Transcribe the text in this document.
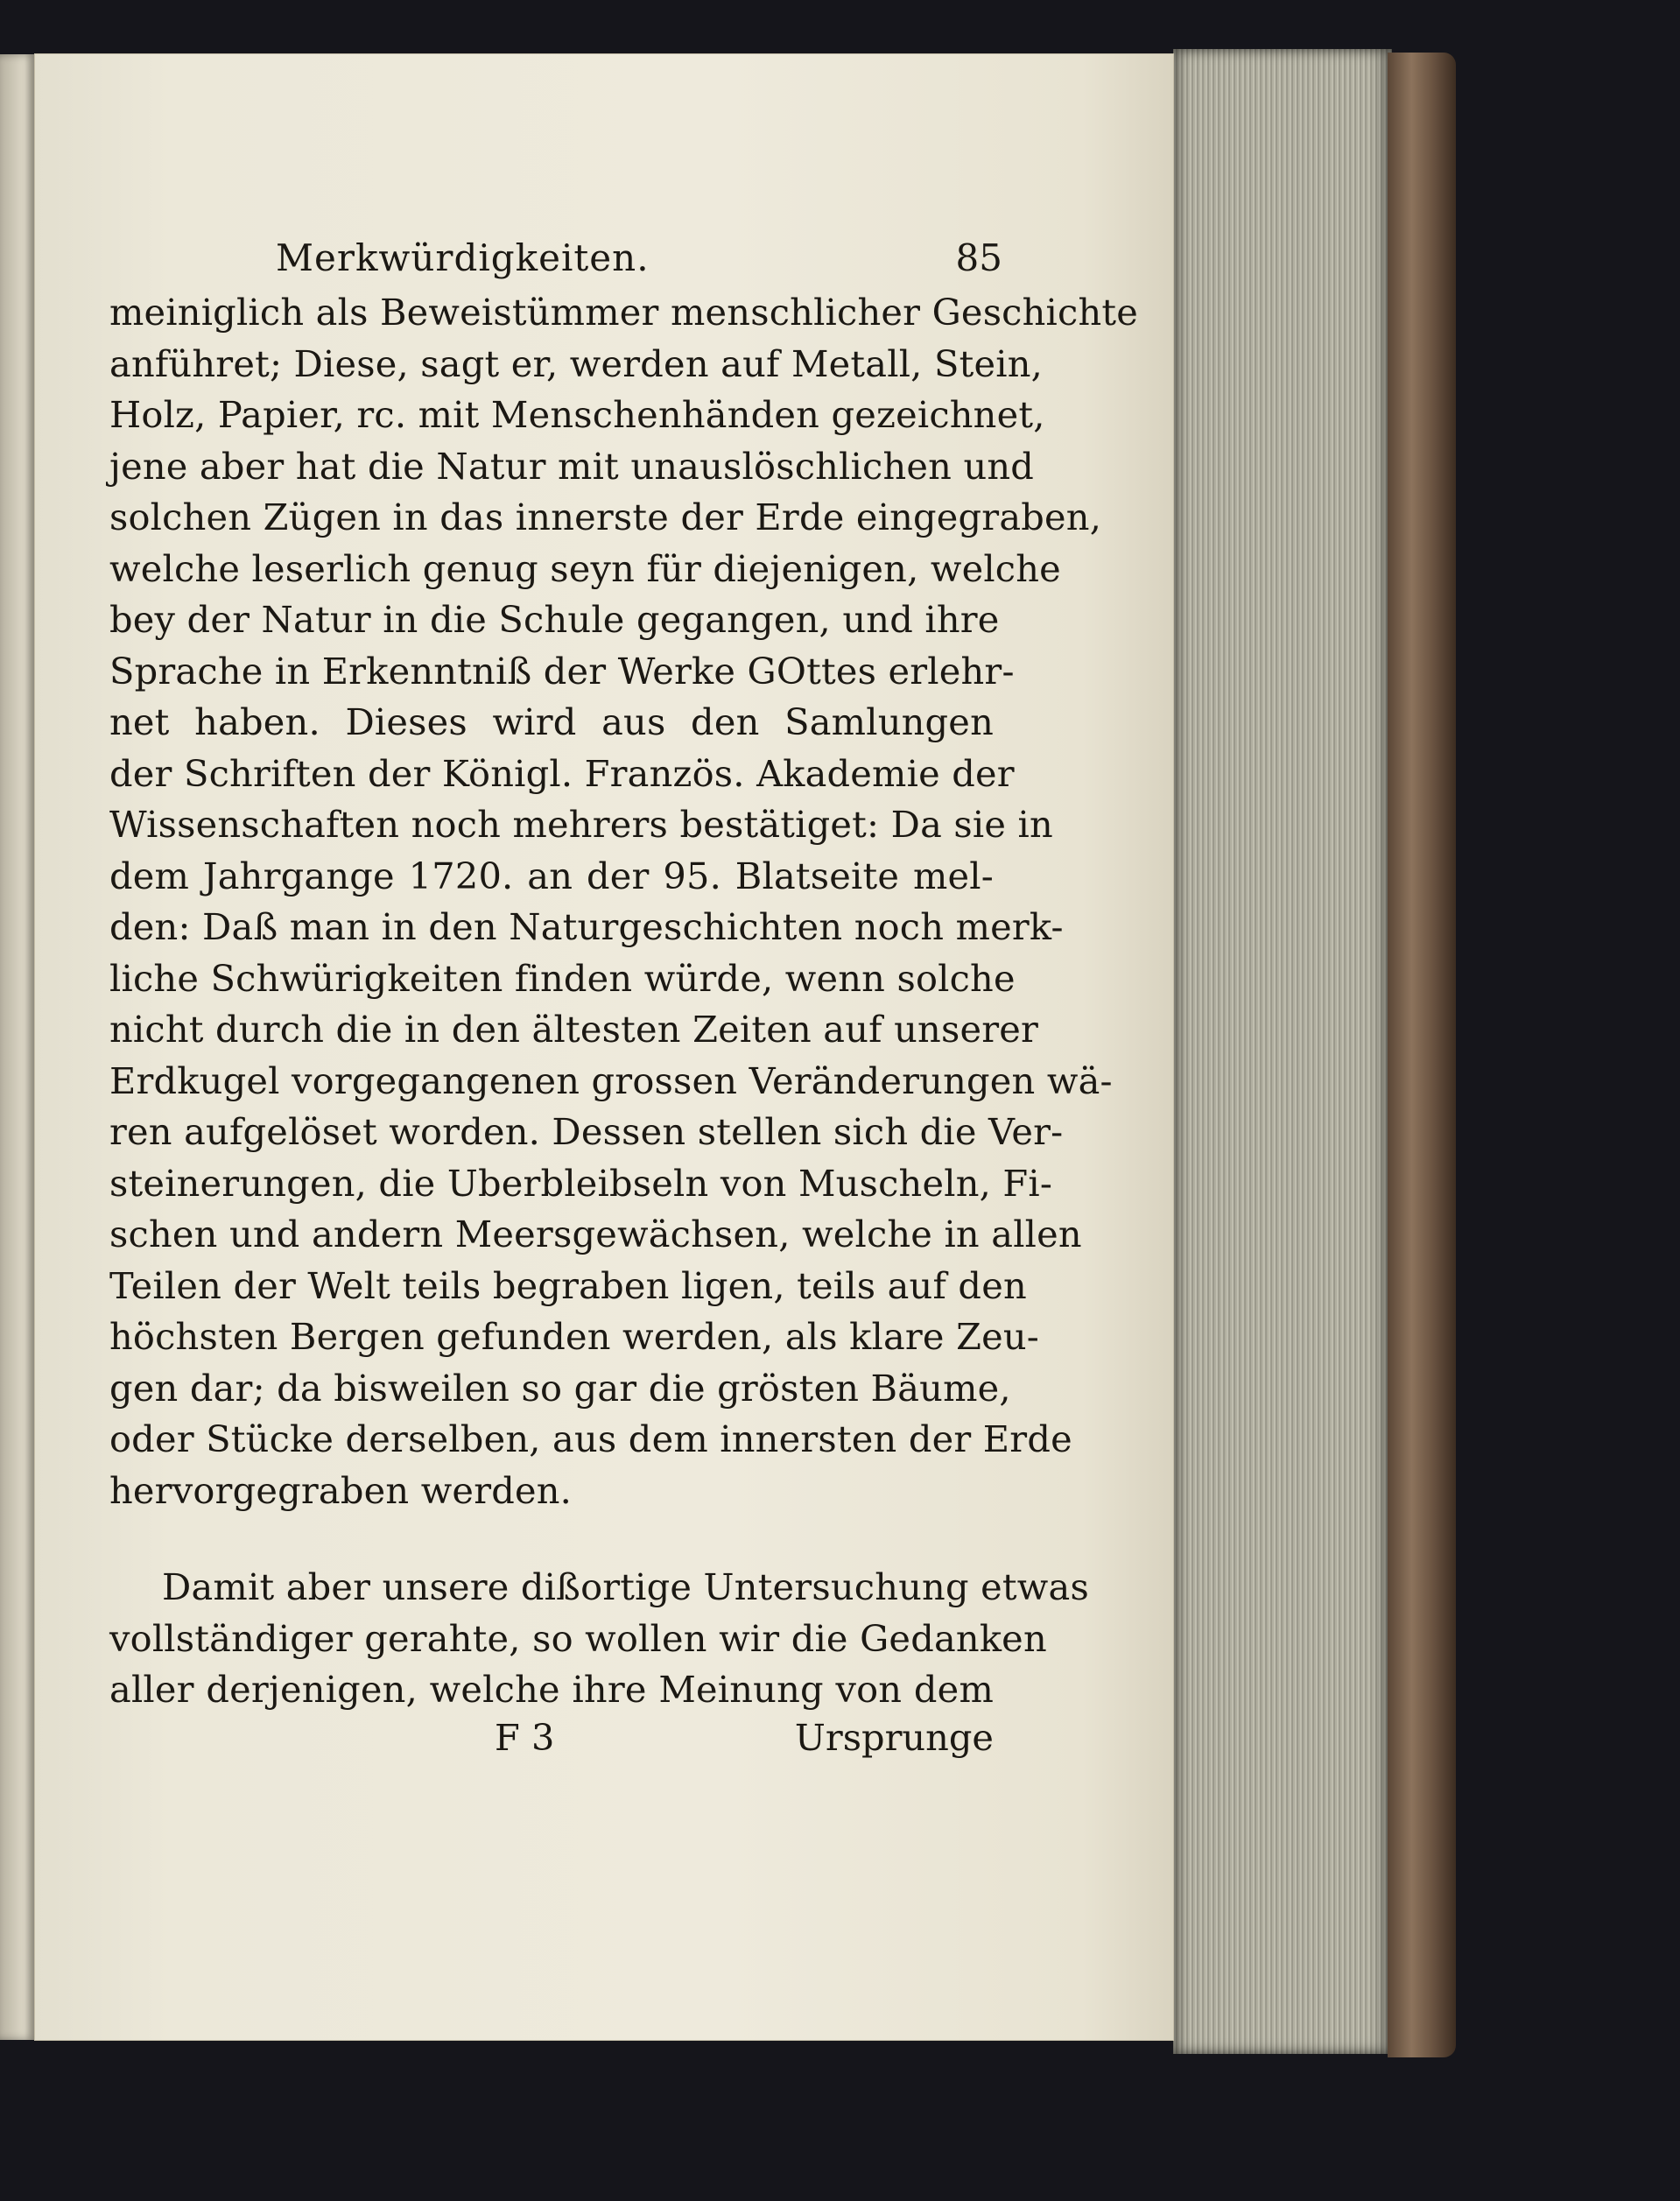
Merkwürdigkeiten.	85
meiniglich als Beweistümmer menschlicher Geschichte
anführet; Diese, sagt er, werden auf Metall, Stein,
Holz, Papier, rc. mit Menschenhänden gezeichnet,
jene aber hat die Natur mit unauslöschlichen und
solchen Zügen in das innerste der Erde eingegraben,
welche leserlich genug seyn für diejenigen, welche
bey der Natur in die Schule gegangen, und ihre
Sprache in Erkenntniß der Werke GOttes erlehr-
net haben. Dieses wird aus den Samlungen
der Schriften der Königl. Französ. Akademie der
Wissenschaften noch mehrers bestätiget: Da sie in
dem Jahrgange 1720. an der 95. Blatseite mel-
den: Daß man in den Naturgeschichten noch merk-
liche Schwürigkeiten finden würde, wenn solche
nicht durch die in den ältesten Zeiten auf unserer
Erdkugel vorgegangenen grossen Veränderungen wä-
ren aufgelöset worden. Dessen stellen sich die Ver-
steinerungen, die Uberbleibseln von Muscheln, Fi-
schen und andern Meersgewächsen, welche in allen
Teilen der Welt teils begraben ligen, teils auf den
höchsten Bergen gefunden werden, als klare Zeu-
gen dar; da bisweilen so gar die grösten Bäume,
oder Stücke derselben, aus dem innersten der Erde
hervorgegraben werden.
Damit aber unsere dißortige Untersuchung etwas
vollständiger gerahte, so wollen wir die Gedanken
aller derjenigen, welche ihre Meinung von dem
F 3	Ursprunge
